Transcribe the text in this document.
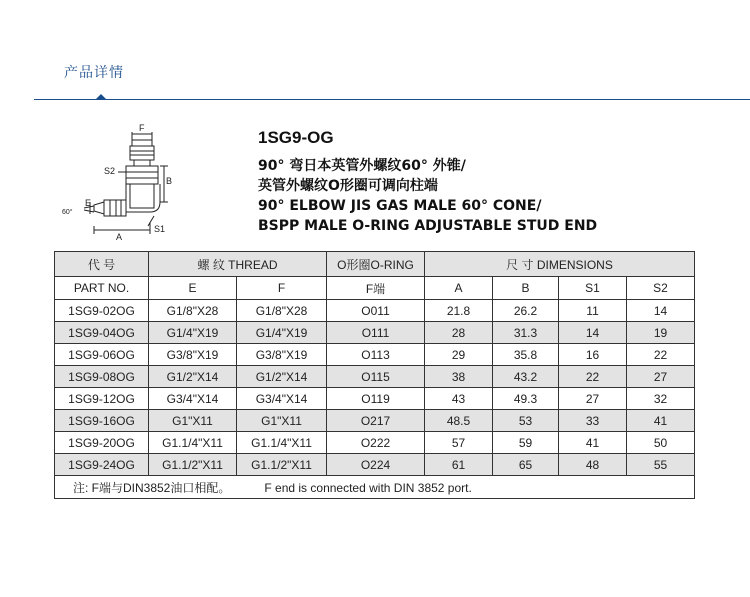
产品详情
F
S2
B
E
A
S1
60°
1SG9-OG
90° 弯日本英管外螺纹60° 外锥/
英管外螺纹O形圈可调向柱端
90° ELBOW JIS GAS MALE 60° CONE/
BSPP MALE O-RING ADJUSTABLE STUD END
代 号	螺 纹 THREAD		O形圈O-RING	尺 寸 DIMENSIONS			
PART NO.	E	F	F端	A	B	S1	S2
1SG9-02OG	G1/8"X28	G1/8"X28	O011	21.8	26.2	11	14
1SG9-04OG	G1/4"X19	G1/4"X19	O111	28	31.3	14	19
1SG9-06OG	G3/8"X19	G3/8"X19	O113	29	35.8	16	22
1SG9-08OG	G1/2"X14	G1/2"X14	O115	38	43.2	22	27
1SG9-12OG	G3/4"X14	G3/4"X14	O119	43	49.3	27	32
1SG9-16OG	G1"X11	G1"X11	O217	48.5	53	33	41
1SG9-20OG	G1.1/4"X11	G1.1/4"X11	O222	57	59	41	50
1SG9-24OG	G1.1/2"X11	G1.1/2"X11	O224	61	65	48	55
注: F端与DIN3852油口相配。 F end is connected with DIN 3852 port.							
